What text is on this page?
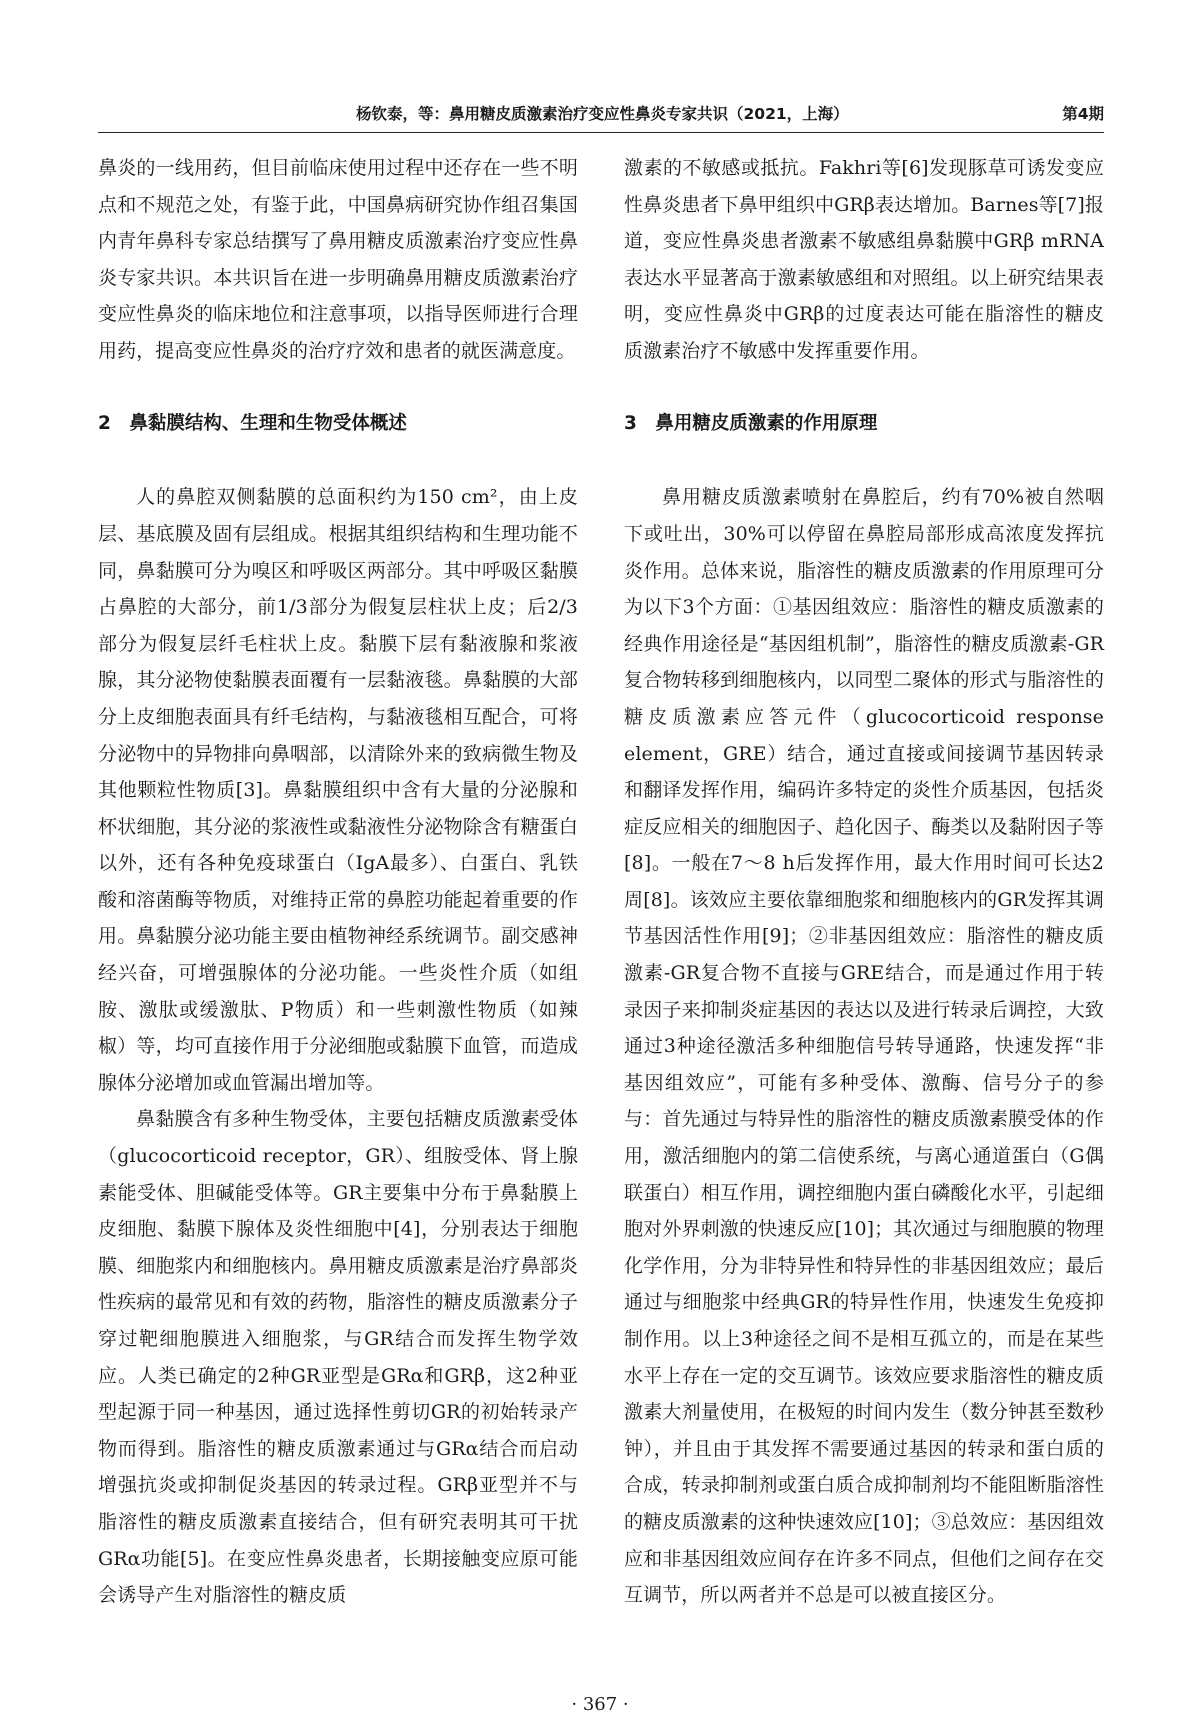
杨钦泰，等：鼻用糖皮质激素治疗变应性鼻炎专家共识（2021，上海）	第4期

鼻炎的一线用药，但目前临床使用过程中还存在一些不明点和不规范之处，有鉴于此，中国鼻病研究协作组召集国内青年鼻科专家总结撰写了鼻用糖皮质激素治疗变应性鼻炎专家共识。本共识旨在进一步明确鼻用糖皮质激素治疗变应性鼻炎的临床地位和注意事项，以指导医师进行合理用药，提高变应性鼻炎的治疗疗效和患者的就医满意度。

2　鼻黏膜结构、生理和生物受体概述

人的鼻腔双侧黏膜的总面积约为150 cm²，由上皮层、基底膜及固有层组成。根据其组织结构和生理功能不同，鼻黏膜可分为嗅区和呼吸区两部分。其中呼吸区黏膜占鼻腔的大部分，前1/3部分为假复层柱状上皮；后2/3部分为假复层纤毛柱状上皮。黏膜下层有黏液腺和浆液腺，其分泌物使黏膜表面覆有一层黏液毯。鼻黏膜的大部分上皮细胞表面具有纤毛结构，与黏液毯相互配合，可将分泌物中的异物排向鼻咽部，以清除外来的致病微生物及其他颗粒性物质[3]。鼻黏膜组织中含有大量的分泌腺和杯状细胞，其分泌的浆液性或黏液性分泌物除含有糖蛋白以外，还有各种免疫球蛋白（IgA最多）、白蛋白、乳铁酸和溶菌酶等物质，对维持正常的鼻腔功能起着重要的作用。鼻黏膜分泌功能主要由植物神经系统调节。副交感神经兴奋，可增强腺体的分泌功能。一些炎性介质（如组胺、激肽或缓激肽、P物质）和一些刺激性物质（如辣椒）等，均可直接作用于分泌细胞或黏膜下血管，而造成腺体分泌增加或血管漏出增加等。

鼻黏膜含有多种生物受体，主要包括糖皮质激素受体（glucocorticoid receptor，GR）、组胺受体、肾上腺素能受体、胆碱能受体等。GR主要集中分布于鼻黏膜上皮细胞、黏膜下腺体及炎性细胞中[4]，分别表达于细胞膜、细胞浆内和细胞核内。鼻用糖皮质激素是治疗鼻部炎性疾病的最常见和有效的药物，脂溶性的糖皮质激素分子穿过靶细胞膜进入细胞浆，与GR结合而发挥生物学效应。人类已确定的2种GR亚型是GRα和GRβ，这2种亚型起源于同一种基因，通过选择性剪切GR的初始转录产物而得到。脂溶性的糖皮质激素通过与GRα结合而启动增强抗炎或抑制促炎基因的转录过程。GRβ亚型并不与脂溶性的糖皮质激素直接结合，但有研究表明其可干扰GRα功能[5]。在变应性鼻炎患者，长期接触变应原可能会诱导产生对脂溶性的糖皮质

激素的不敏感或抵抗。Fakhri等[6]发现豚草可诱发变应性鼻炎患者下鼻甲组织中GRβ表达增加。Barnes等[7]报道，变应性鼻炎患者激素不敏感组鼻黏膜中GRβ mRNA表达水平显著高于激素敏感组和对照组。以上研究结果表明，变应性鼻炎中GRβ的过度表达可能在脂溶性的糖皮质激素治疗不敏感中发挥重要作用。

3　鼻用糖皮质激素的作用原理

鼻用糖皮质激素喷射在鼻腔后，约有70%被自然咽下或吐出，30%可以停留在鼻腔局部形成高浓度发挥抗炎作用。总体来说，脂溶性的糖皮质激素的作用原理可分为以下3个方面：①基因组效应：脂溶性的糖皮质激素的经典作用途径是“基因组机制”，脂溶性的糖皮质激素-GR复合物转移到细胞核内，以同型二聚体的形式与脂溶性的糖皮质激素应答元件（glucocorticoid response element，GRE）结合，通过直接或间接调节基因转录和翻译发挥作用，编码许多特定的炎性介质基因，包括炎症反应相关的细胞因子、趋化因子、酶类以及黏附因子等[8]。一般在7～8 h后发挥作用，最大作用时间可长达2周[8]。该效应主要依靠细胞浆和细胞核内的GR发挥其调节基因活性作用[9]；②非基因组效应：脂溶性的糖皮质激素-GR复合物不直接与GRE结合，而是通过作用于转录因子来抑制炎症基因的表达以及进行转录后调控，大致通过3种途径激活多种细胞信号转导通路，快速发挥“非基因组效应”，可能有多种受体、激酶、信号分子的参与：首先通过与特异性的脂溶性的糖皮质激素膜受体的作用，激活细胞内的第二信使系统，与离心通道蛋白（G偶联蛋白）相互作用，调控细胞内蛋白磷酸化水平，引起细胞对外界刺激的快速反应[10]；其次通过与细胞膜的物理化学作用，分为非特异性和特异性的非基因组效应；最后通过与细胞浆中经典GR的特异性作用，快速发生免疫抑制作用。以上3种途径之间不是相互孤立的，而是在某些水平上存在一定的交互调节。该效应要求脂溶性的糖皮质激素大剂量使用，在极短的时间内发生（数分钟甚至数秒钟），并且由于其发挥不需要通过基因的转录和蛋白质的合成，转录抑制剂或蛋白质合成抑制剂均不能阻断脂溶性的糖皮质激素的这种快速效应[10]；③总效应：基因组效应和非基因组效应间存在许多不同点，但他们之间存在交互调节，所以两者并不总是可以被直接区分。

· 367 ·
